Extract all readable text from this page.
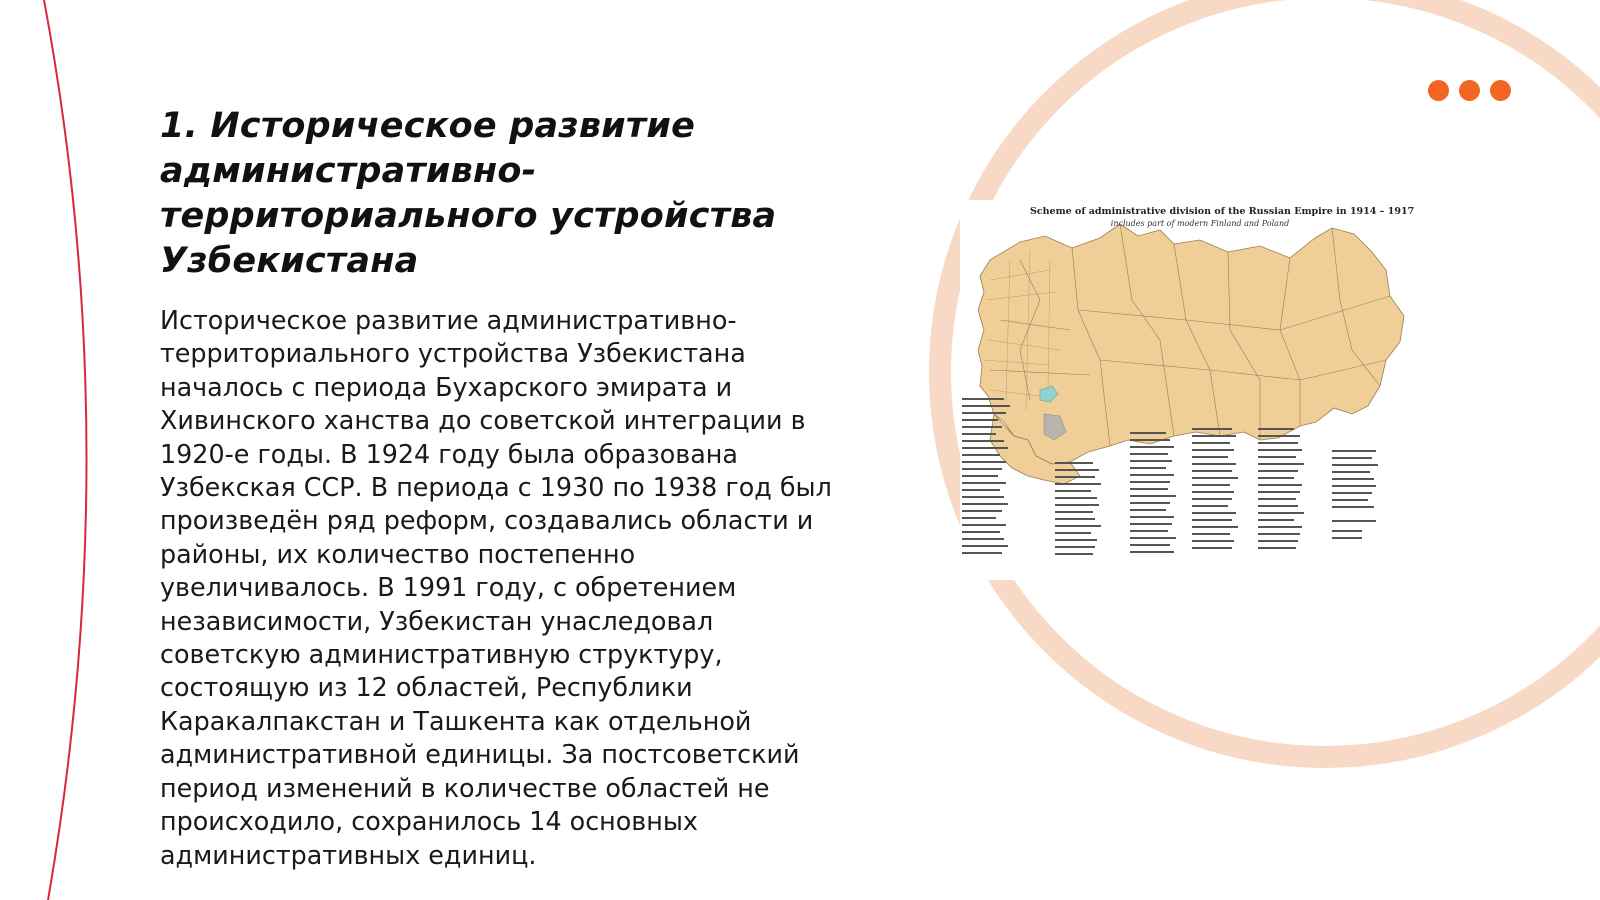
1. Историческое развитие административно-территориального устройства Узбекистана

Историческое развитие административно-территориального устройства Узбекистана началось с периода Бухарского эмирата и Хивинского ханства до советской интеграции в 1920-е годы. В 1924 году была образована Узбекская ССР. В периода с 1930 по 1938 год был произведён ряд реформ, создавались области и районы, их количество постепенно увеличивалось. В 1991 году, с обретением независимости, Узбекистан унаследовал советскую административную структуру, состоящую из 12 областей, Республики Каракалпакстан и Ташкента как отдельной административной единицы. За постсоветский период изменений в количестве областей не происходило, сохранилось 14 основных административных единиц.

Scheme of administrative division of the Russian Empire in 1914 – 1917
includes part of modern Finland and Poland
